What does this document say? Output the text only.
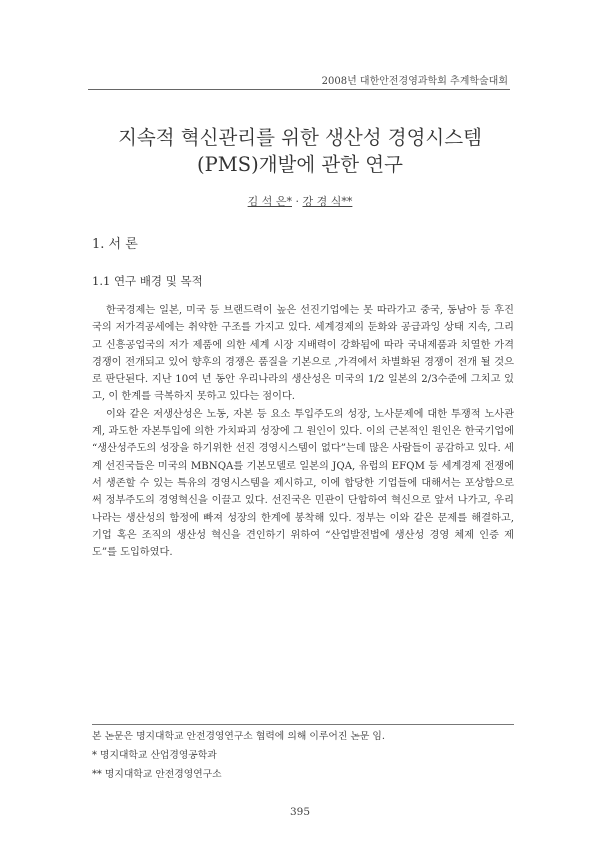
2008년 대한안전경영과학회 추계학술대회
지속적 혁신관리를 위한 생산성 경영시스템
(PMS)개발에 관한 연구
김 석 은* · 강 경 식**
1. 서 론
1.1 연구 배경 및 목적

한국경제는 일본, 미국 등 브랜드력이 높은 선진기업에는 못 따라가고 중국, 동남아 등 후진국의 저가격공세에는 취약한 구조를 가지고 있다. 세계경제의 둔화와 공급과잉 상태 지속, 그리고 신흥공업국의 저가 제품에 의한 세계 시장 지배력이 강화됨에 따라 국내제품과 치열한 가격경쟁이 전개되고 있어 향후의 경쟁은 품질을 기본으로 ,가격에서 차별화된 경쟁이 전개 될 것으로 판단된다. 지난 10여 년 동안 우리나라의 생산성은 미국의 1/2 일본의 2/3수준에 그치고 있고, 이 한계를 극복하지 못하고 있다는 점이다.

이와 같은 저생산성은 노동, 자본 등 요소 투입주도의 성장, 노사문제에 대한 투쟁적 노사관계, 과도한 자본투입에 의한 가치파괴 성장에 그 원인이 있다. 이의 근본적인 원인은 한국기업에 “생산성주도의 성장을 하기위한 선진 경영시스템이 없다”는데 많은 사람들이 공감하고 있다. 세계 선진국들은 미국의 MBNQA를 기본모델로 일본의 JQA, 유럽의 EFQM 등 세계경제 전쟁에서 생존할 수 있는 특유의 경영시스템을 제시하고, 이에 합당한 기업들에 대해서는 포상함으로써 정부주도의 경영혁신을 이끌고 있다. 선진국은 민관이 단합하여 혁신으로 앞서 나가고, 우리나라는 생산성의 함정에 빠져 성장의 한계에 봉착해 있다. 정부는 이와 같은 문제를 해결하고, 기업 혹은 조직의 생산성 혁신을 견인하기 위하여 “산업발전법에 생산성 경영 체제 인증 제도”를 도입하였다.

본 논문은 명지대학교 안전경영연구소 협력에 의해 이루어진 논문 임.
* 명지대학교 산업경영공학과
** 명지대학교 안전경영연구소
395
